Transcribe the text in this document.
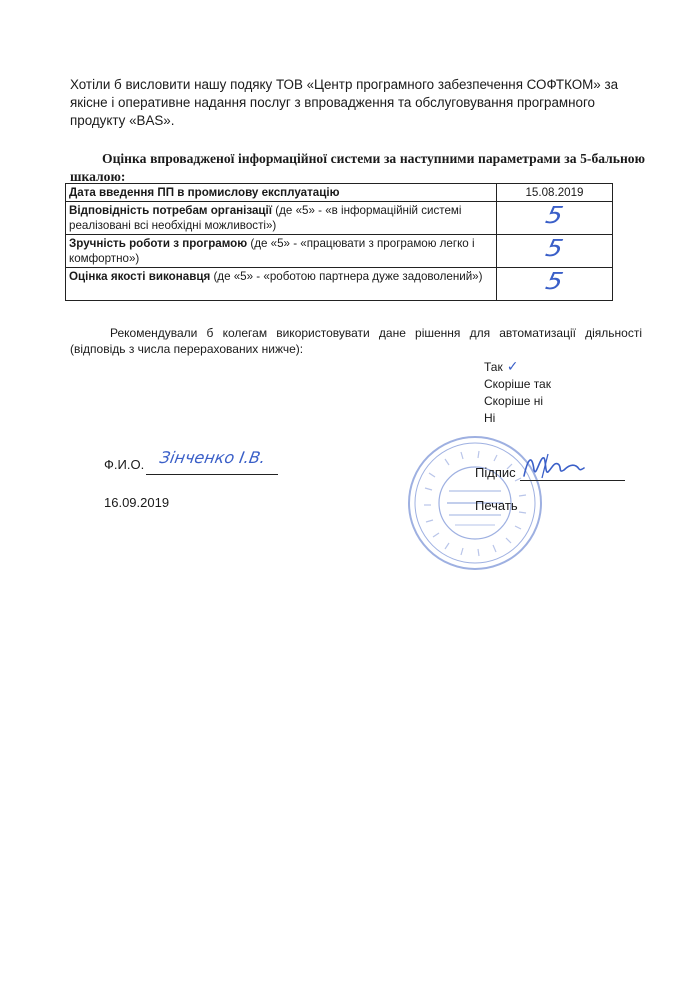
Хотіли б висловити нашу подяку ТОВ «Центр програмного забезпечення СОФТКОМ» за якісне і оперативне надання послуг з впровадження та обслуговування програмного продукту «BAS».
Оцінка впровадженої інформаційної системи за наступними параметрами за 5-бальною шкалою:
Дата введення ПП в промислову експлуатацію	15.08.2019
Відповідність потребам організації (де «5» - «в інформаційній системі реалізовані всі необхідні можливості»)	5
Зручність роботи з програмою (де «5» - «працювати з програмою легко і комфортно»)	5
Оцінка якості виконавця (де «5» - «роботою партнера дуже задоволений»)	5
Рекомендували б колегам використовувати дане рішення для автоматизації діяльності (відповідь з числа перерахованих нижче):
Так ✓
Скоріше так
Скоріше ні
Ні
Ф.И.О. Зінченко І.В.
16.09.2019
Підпис
Печать
